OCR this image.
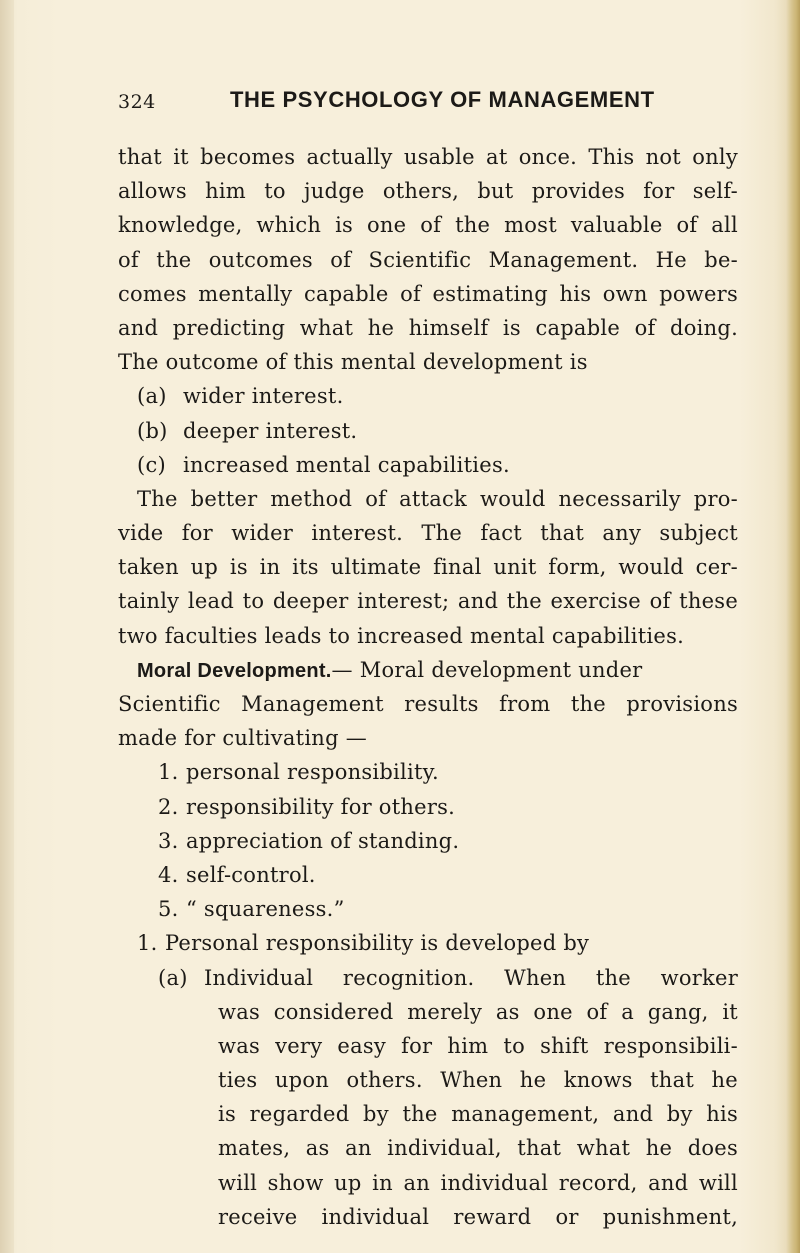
324	THE PSYCHOLOGY OF MANAGEMENT
that it becomes actually usable at once. This not only
allows him to judge others, but provides for self-
knowledge, which is one of the most valuable of all
of the outcomes of Scientific Management. He be-
comes mentally capable of estimating his own powers
and predicting what he himself is capable of doing.
The outcome of this mental development is
(a) wider interest.
(b) deeper interest.
(c) increased mental capabilities.
The better method of attack would necessarily pro-
vide for wider interest. The fact that any subject
taken up is in its ultimate final unit form, would cer-
tainly lead to deeper interest; and the exercise of these
two faculties leads to increased mental capabilities.
Moral Development.— Moral development under
Scientific Management results from the provisions
made for cultivating —
1. personal responsibility.
2. responsibility for others.
3. appreciation of standing.
4. self-control.
5. “ squareness.”
1. Personal responsibility is developed by
(a) Individual recognition. When the worker
was considered merely as one of a gang, it
was very easy for him to shift responsibili-
ties upon others. When he knows that he
is regarded by the management, and by his
mates, as an individual, that what he does
will show up in an individual record, and will
receive individual reward or punishment,
